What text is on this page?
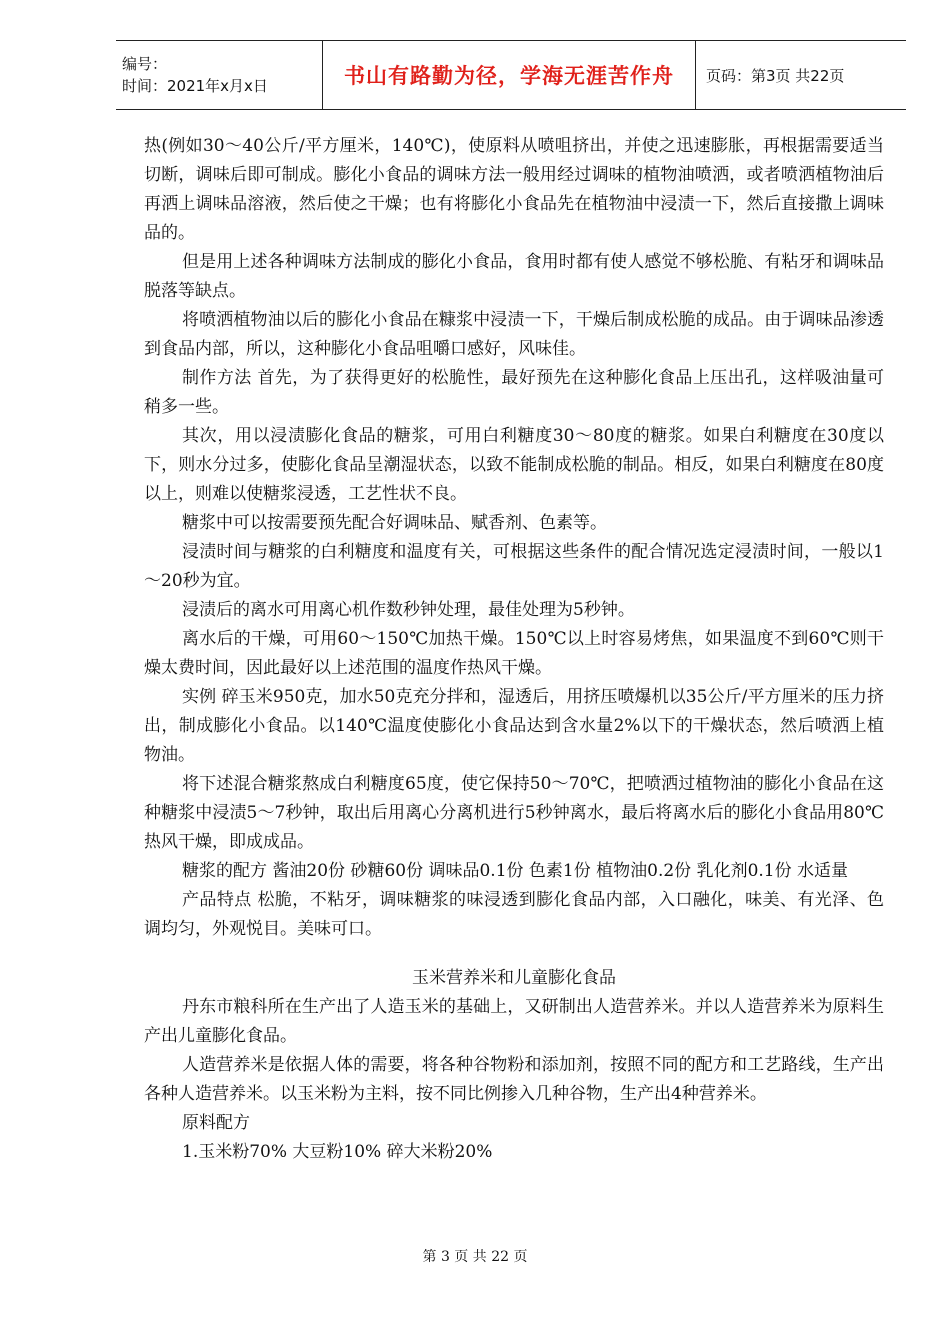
编号：
时间：2021年x月x日	书山有路勤为径，学海无涯苦作舟	页码：第3页 共22页

热(例如30～40公斤/平方厘米，140℃)，使原料从喷咀挤出，并使之迅速膨胀，再根据需要适当切断，调味后即可制成。膨化小食品的调味方法一般用经过调味的植物油喷洒，或者喷洒植物油后再洒上调味品溶液，然后使之干燥；也有将膨化小食品先在植物油中浸渍一下，然后直接撒上调味品的。

但是用上述各种调味方法制成的膨化小食品，食用时都有使人感觉不够松脆、有粘牙和调味品脱落等缺点。

将喷洒植物油以后的膨化小食品在糠浆中浸渍一下，干燥后制成松脆的成品。由于调味品渗透到食品内部，所以，这种膨化小食品咀嚼口感好，风味佳。

制作方法 首先，为了获得更好的松脆性，最好预先在这种膨化食品上压出孔，这样吸油量可稍多一些。

其次，用以浸渍膨化食品的糖浆，可用白利糖度30～80度的糖浆。如果白利糖度在30度以下，则水分过多，使膨化食品呈潮湿状态，以致不能制成松脆的制品。相反，如果白利糖度在80度以上，则难以使糖浆浸透，工艺性状不良。

糖浆中可以按需要预先配合好调味品、赋香剂、色素等。

浸渍时间与糖浆的白利糖度和温度有关，可根据这些条件的配合情况选定浸渍时间，一般以1～20秒为宜。

浸渍后的离水可用离心机作数秒钟处理，最佳处理为5秒钟。

离水后的干燥，可用60～150℃加热干燥。150℃以上时容易烤焦，如果温度不到60℃则干燥太费时间，因此最好以上述范围的温度作热风干燥。

实例 碎玉米950克，加水50克充分拌和，湿透后，用挤压喷爆机以35公斤/平方厘米的压力挤出，制成膨化小食品。以140℃温度使膨化小食品达到含水量2%以下的干燥状态，然后喷洒上植物油。

将下述混合糖浆熬成白利糖度65度，使它保持50～70℃，把喷洒过植物油的膨化小食品在这种糖浆中浸渍5～7秒钟，取出后用离心分离机进行5秒钟离水，最后将离水后的膨化小食品用80℃热风干燥，即成成品。

糖浆的配方 酱油20份 砂糖60份 调味品0.1份 色素1份 植物油0.2份 乳化剂0.1份 水适量

产品特点 松脆，不粘牙，调味糖浆的味浸透到膨化食品内部，入口融化，味美、有光泽、色调均匀，外观悦目。美味可口。

玉米营养米和儿童膨化食品

丹东市粮科所在生产出了人造玉米的基础上，又研制出人造营养米。并以人造营养米为原料生产出儿童膨化食品。

人造营养米是依据人体的需要，将各种谷物粉和添加剂，按照不同的配方和工艺路线，生产出各种人造营养米。以玉米粉为主料，按不同比例掺入几种谷物，生产出4种营养米。

原料配方

1.玉米粉70% 大豆粉10% 碎大米粉20%

第 3 页 共 22 页
